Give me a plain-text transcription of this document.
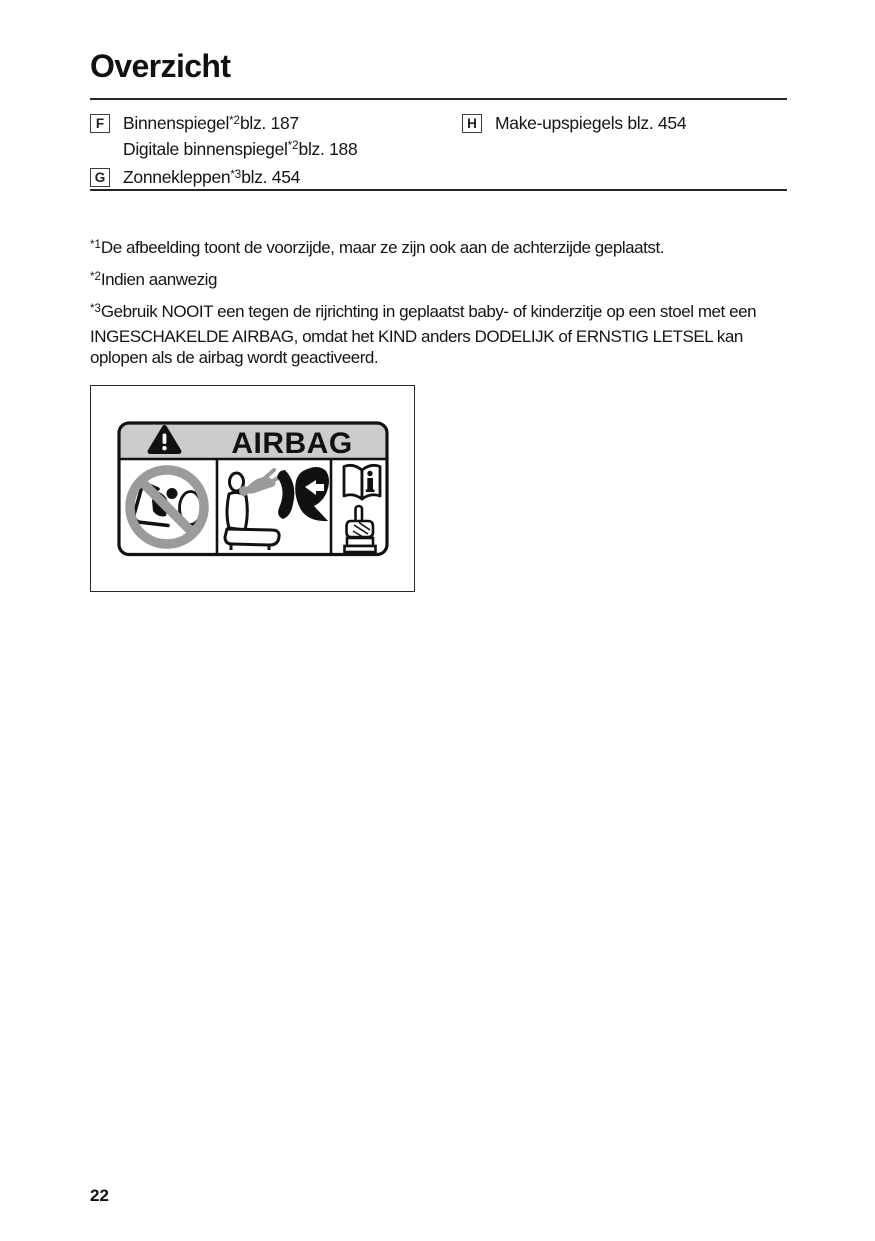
Overzicht
F	Binnenspiegel$^{*2}$blz. 187
Digitale binnenspiegel$^{*2}$blz. 188
H Make-upspiegels blz. 454
G Zonnekleppen$^{*3}$blz. 454

$^{*1}$De afbeelding toont de voorzijde, maar ze zijn ook aan de achterzijde geplaatst.

$^{*2}$Indien aanwezig

$^{*3}$Gebruik NOOIT een tegen de rijrichting in geplaatst baby- of kinderzitje op een stoel met een INGESCHAKELDE AIRBAG, omdat het KIND anders DODELIJK of ERNSTIG LETSEL kan oplopen als de airbag wordt geactiveerd.

AIRBAG
22
